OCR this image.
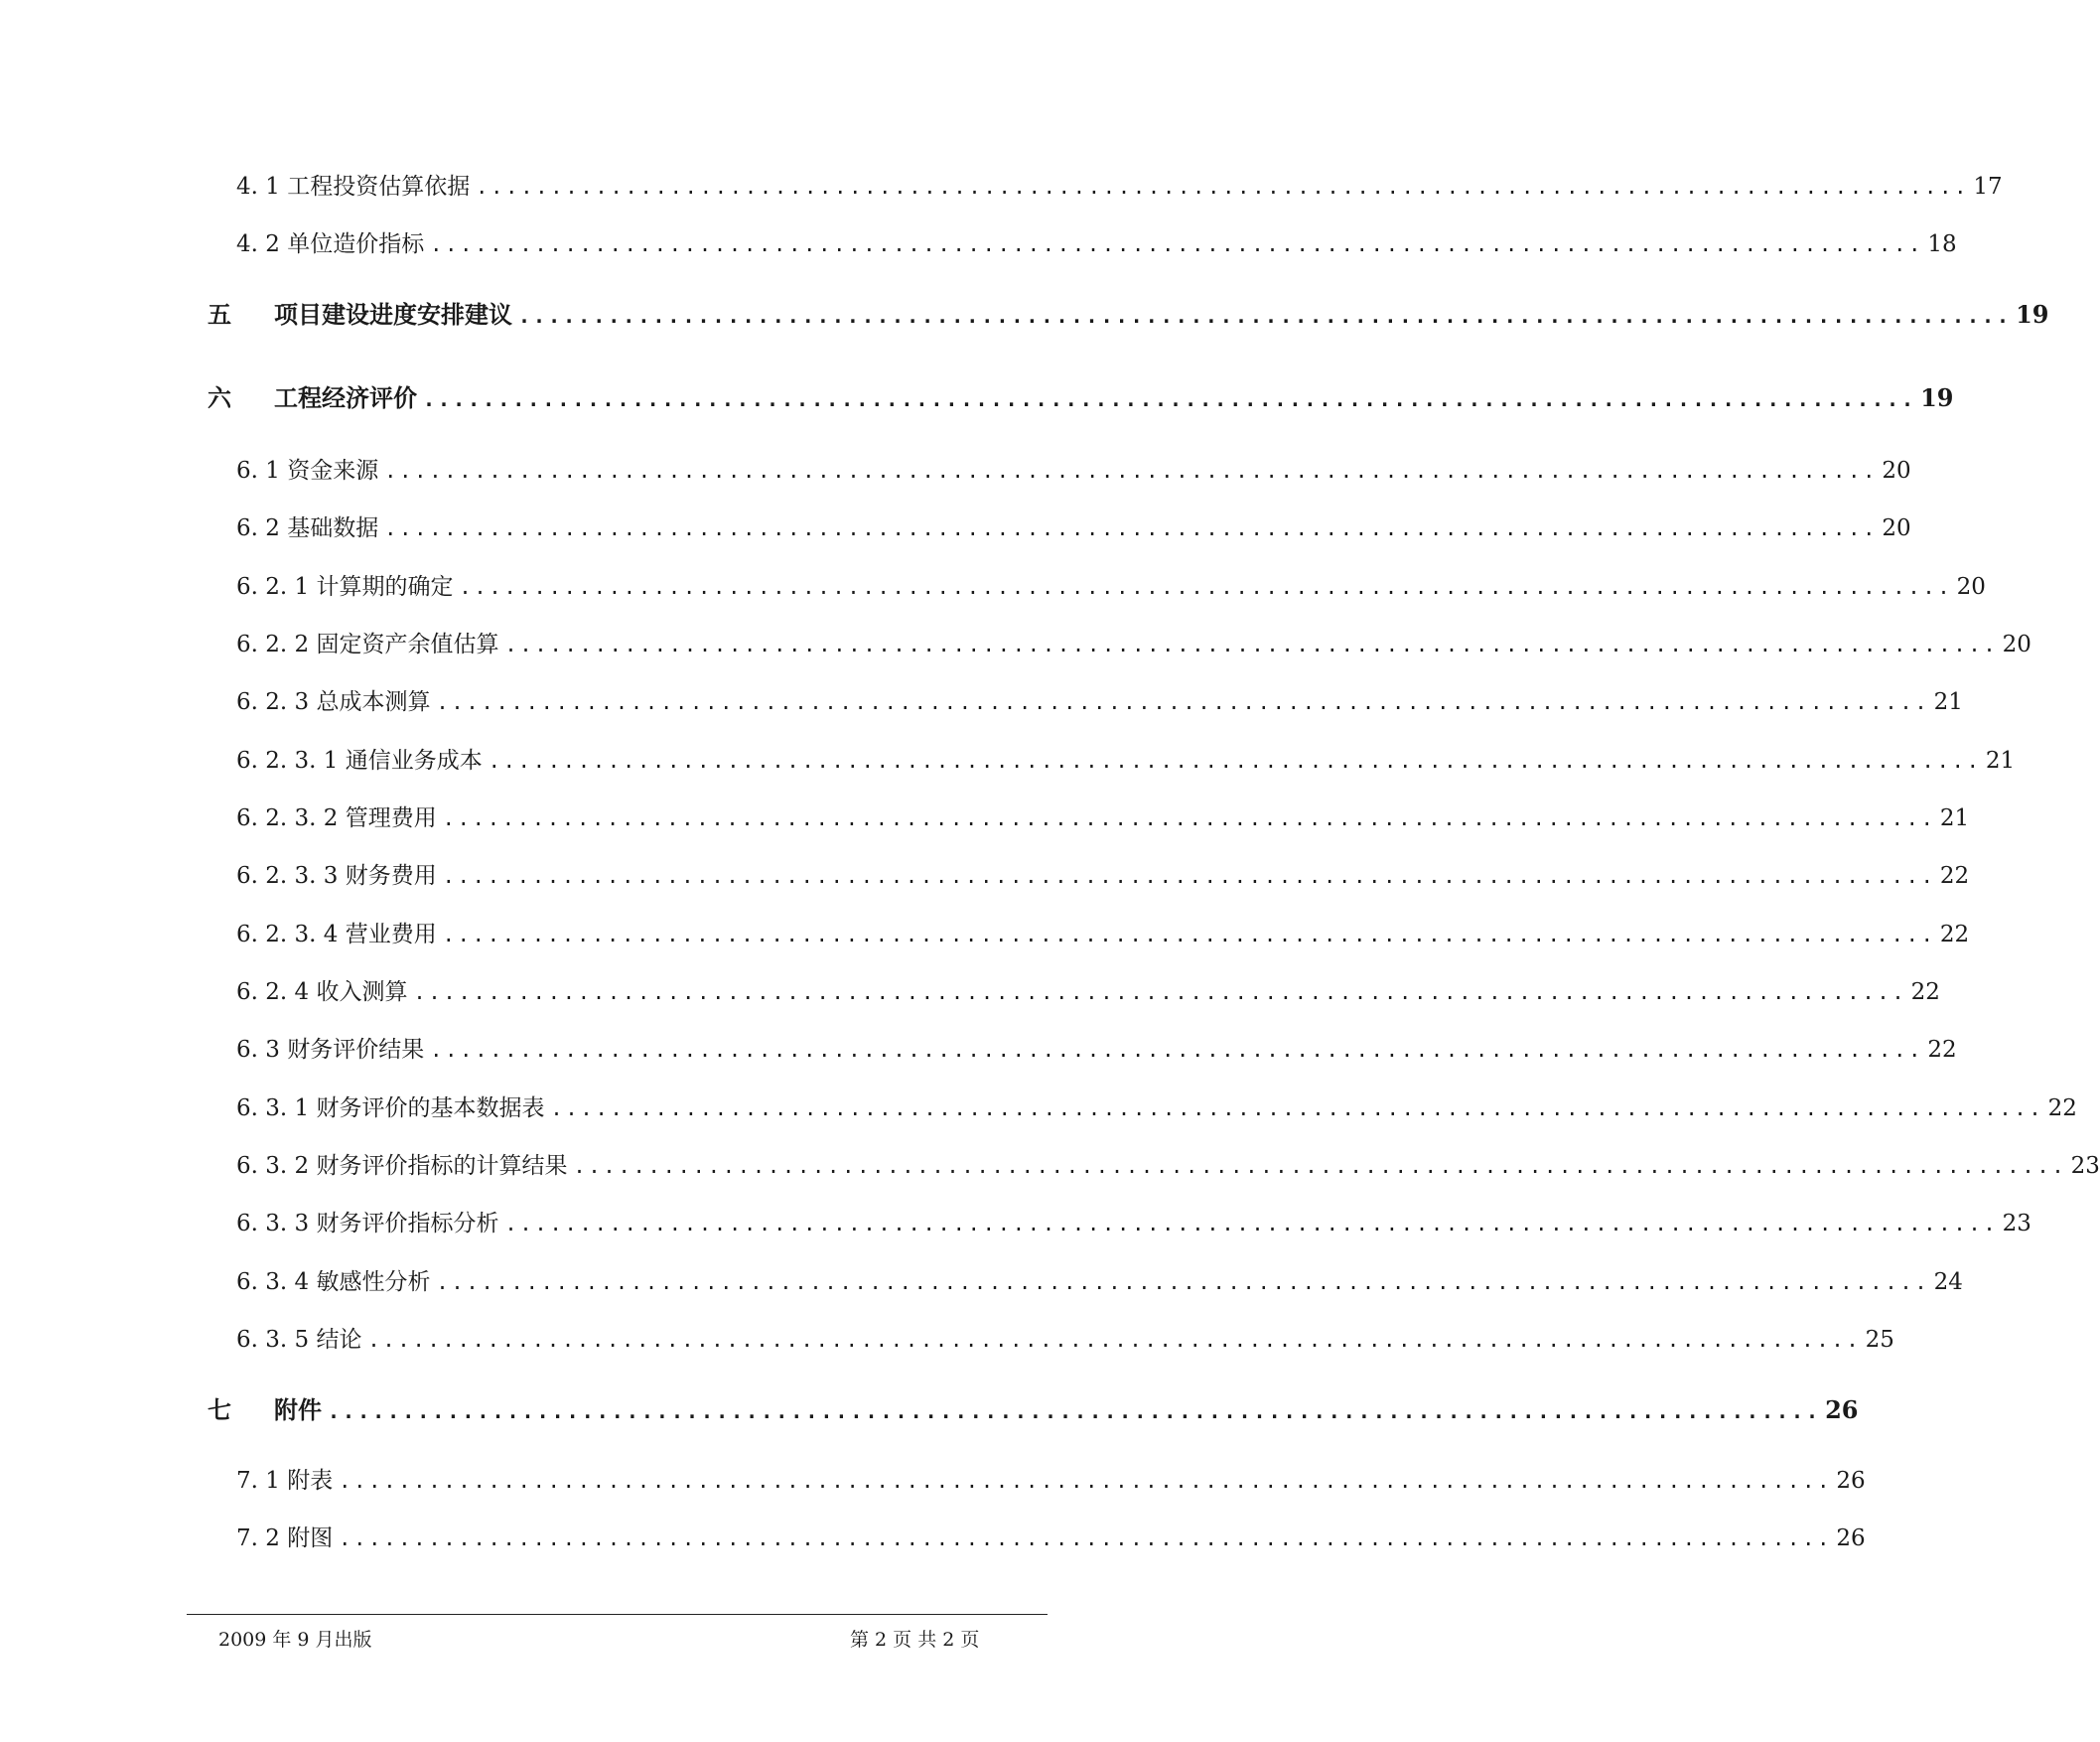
4. 1 工程投资估算依据 .................................................................................................... 17
4. 2 单位造价指标 .................................................................................................... 18
五	项目建设进度安排建议 .................................................................................................... 19
六	工程经济评价 .................................................................................................... 19
6. 1 资金来源 .................................................................................................... 20
6. 2 基础数据 .................................................................................................... 20
6. 2. 1 计算期的确定 .................................................................................................... 20
6. 2. 2 固定资产余值估算 .................................................................................................... 20
6. 2. 3 总成本测算 .................................................................................................... 21
6. 2. 3. 1 通信业务成本 .................................................................................................... 21
6. 2. 3. 2 管理费用 .................................................................................................... 21
6. 2. 3. 3 财务费用 .................................................................................................... 22
6. 2. 3. 4 营业费用 .................................................................................................... 22
6. 2. 4 收入测算 .................................................................................................... 22
6. 3 财务评价结果 .................................................................................................... 22
6. 3. 1 财务评价的基本数据表 .................................................................................................... 22
6. 3. 2 财务评价指标的计算结果 .................................................................................................... 23
6. 3. 3 财务评价指标分析 .................................................................................................... 23
6. 3. 4 敏感性分析 .................................................................................................... 24
6. 3. 5 结论 .................................................................................................... 25
七	附件 .................................................................................................... 26
7. 1 附表 .................................................................................................... 26
7. 2 附图 .................................................................................................... 26
2009 年 9 月出版	第 2 页 共 2 页
